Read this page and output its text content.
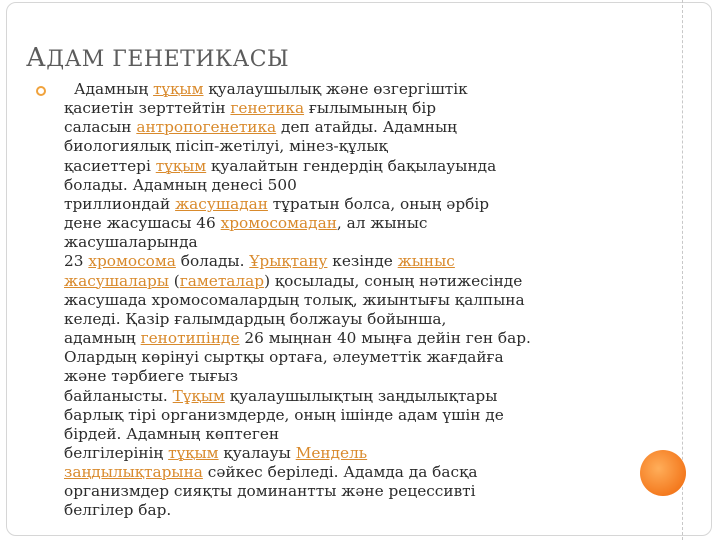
АДАМ ГЕНЕТИКАСЫ
Адамның тұқым қуалаушылық және өзгергіштік
қасиетін зерттейтін генетика ғылымының бір
саласын антропогенетика деп атайды. Адамның
биологиялық пісіп-жетілуі, мінез-құлық
қасиеттері тұқым қуалайтын гендердің бақылауында
болады. Адамның денесі 500
триллиондай жасушадан тұратын болса, оның әрбір
дене жасушасы 46 хромосомадан, ал жыныс
жасушаларында
23 хромосома болады. Ұрықтану кезінде жыныс
жасушалары (гаметалар) қосылады, соның нәтижесінде
жасушада хромосомалардың толық, жиынтығы қалпына
келеді. Қазір ғалымдардың болжауы бойынша,
адамның генотипінде 26 мыңнан 40 мыңға дейін ген бар.
Олардың көрінуі сыртқы ортаға, әлеуметтік жағдайға
және тәрбиеге тығыз
байланысты. Тұқым қуалаушылықтың заңдылықтары
барлық тірі организмдерде, оның ішінде адам үшін де
бірдей. Адамның көптеген
белгілерінің тұқым қуалауы Мендель
заңдылықтарына сәйкес беріледі. Адамда да басқа
организмдер сияқты доминантты және рецессивті
белгілер бар.
